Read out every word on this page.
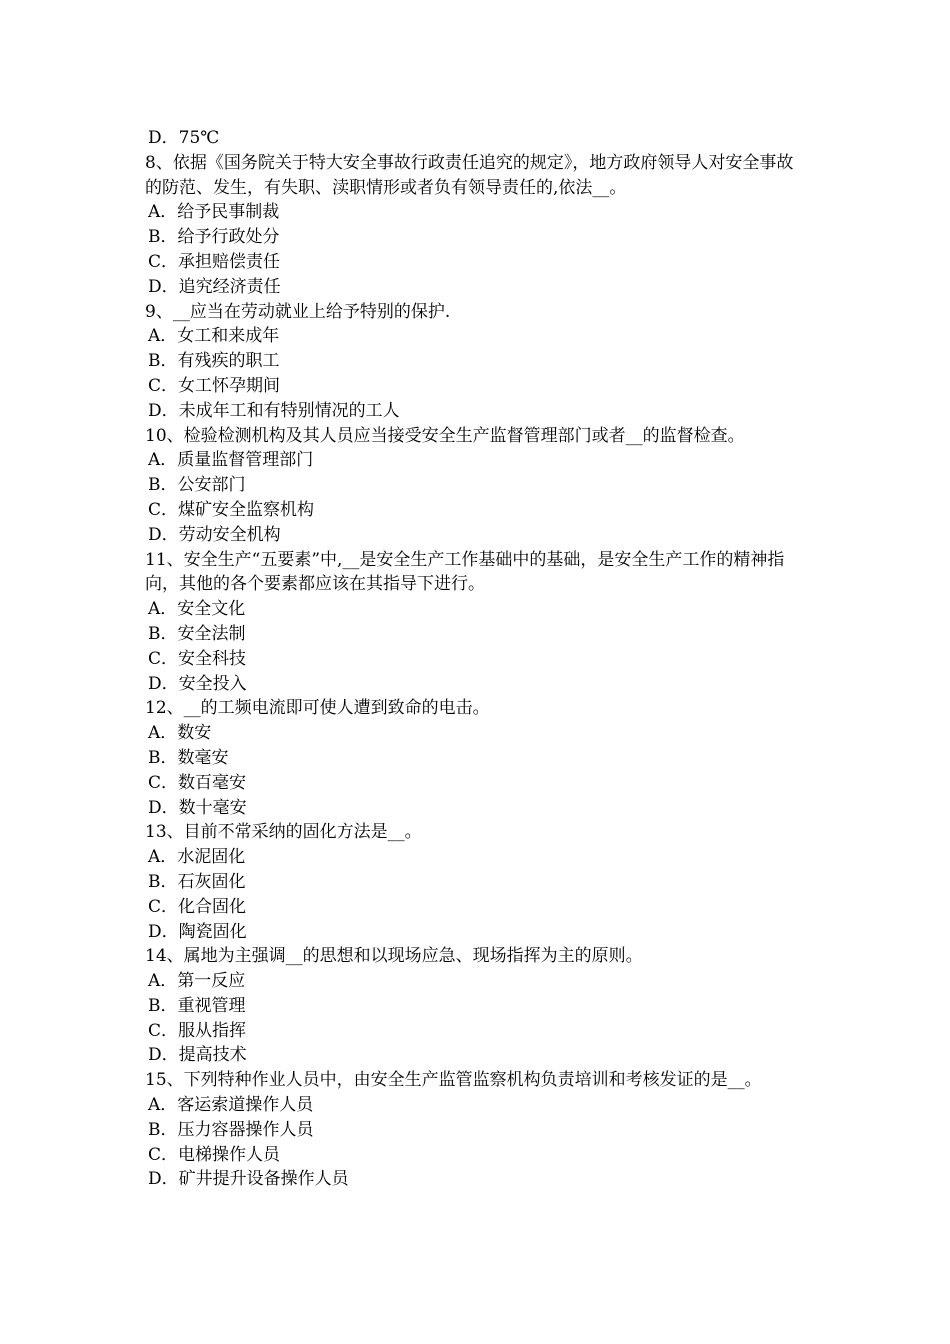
D．75℃

8、依据《国务院关于特大安全事故行政责任追究的规定》，地方政府领导人对安全事故的防范、发生，有失职、渎职情形或者负有领导责任的,依法__。

A．给予民事制裁

B．给予行政处分

C．承担赔偿责任

D．追究经济责任

9、__应当在劳动就业上给予特别的保护.

A．女工和来成年

B．有残疾的职工

C．女工怀孕期间

D．未成年工和有特别情况的工人

10、检验检测机构及其人员应当接受安全生产监督管理部门或者__的监督检查。

A．质量监督管理部门

B．公安部门

C．煤矿安全监察机构

D．劳动安全机构

11、安全生产“五要素”中,__是安全生产工作基础中的基础，是安全生产工作的精神指向，其他的各个要素都应该在其指导下进行。

A．安全文化

B．安全法制

C．安全科技

D．安全投入

12、__的工频电流即可使人遭到致命的电击。

A．数安

B．数毫安

C．数百毫安

D．数十毫安

13、目前不常采纳的固化方法是__。

A．水泥固化

B．石灰固化

C．化合固化

D．陶瓷固化

14、属地为主强调__的思想和以现场应急、现场指挥为主的原则。

A．第一反应

B．重视管理

C．服从指挥

D．提高技术

15、下列特种作业人员中，由安全生产监管监察机构负责培训和考核发证的是__。

A．客运索道操作人员

B．压力容器操作人员

C．电梯操作人员

D．矿井提升设备操作人员
